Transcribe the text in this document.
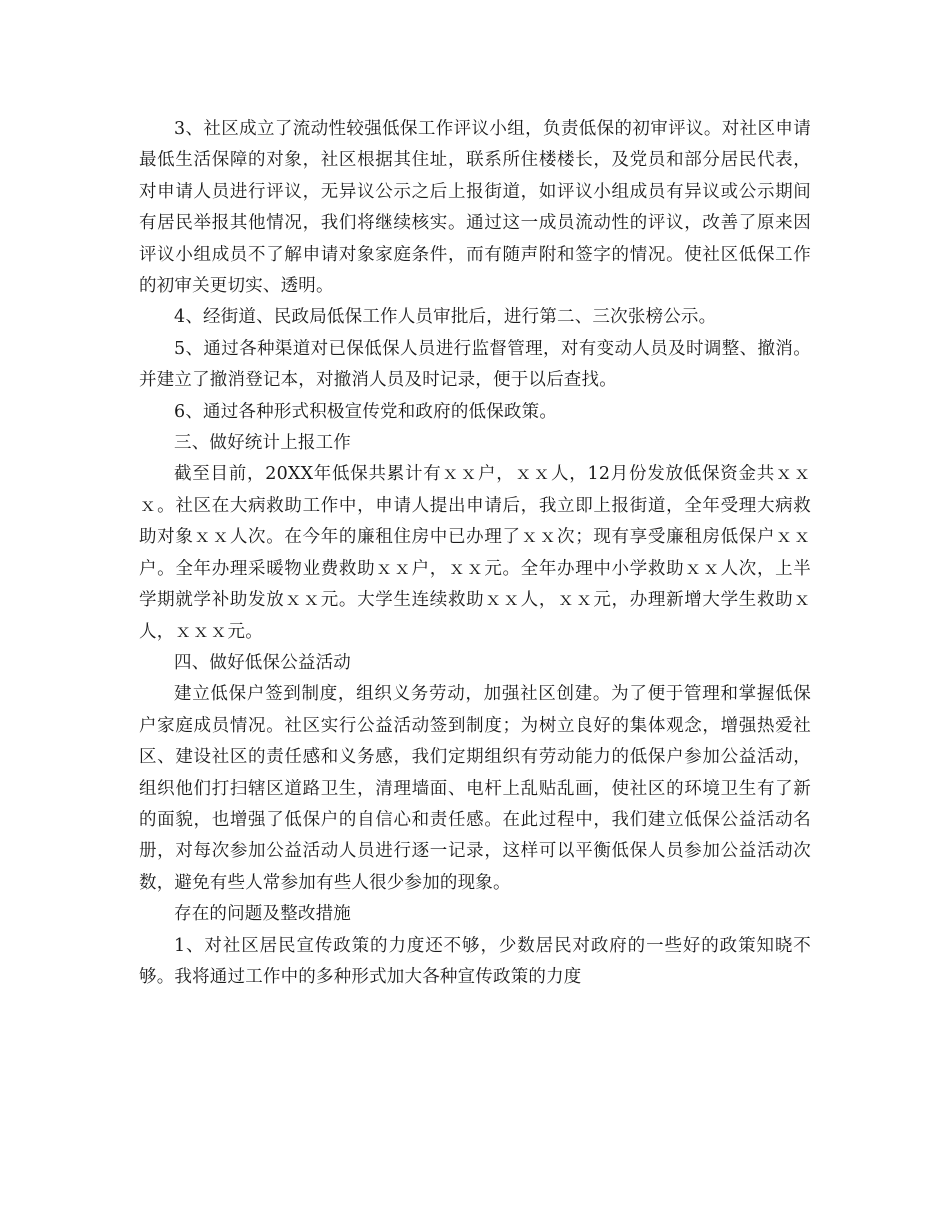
3、社区成立了流动性较强低保工作评议小组，负责低保的初审评议。对社区申请最低生活保障的对象，社区根据其住址，联系所住楼楼长，及党员和部分居民代表，对申请人员进行评议，无异议公示之后上报街道，如评议小组成员有异议或公示期间有居民举报其他情况，我们将继续核实。通过这一成员流动性的评议，改善了原来因评议小组成员不了解申请对象家庭条件，而有随声附和签字的情况。使社区低保工作的初审关更切实、透明。

4、经街道、民政局低保工作人员审批后，进行第二、三次张榜公示。

5、通过各种渠道对已保低保人员进行监督管理，对有变动人员及时调整、撤消。并建立了撤消登记本，对撤消人员及时记录，便于以后查找。

6、通过各种形式积极宣传党和政府的低保政策。

三、做好统计上报工作

截至目前，20XX年低保共累计有ｘｘ户，ｘｘ人，12月份发放低保资金共ｘｘｘ。社区在大病救助工作中，申请人提出申请后，我立即上报街道，全年受理大病救助对象ｘｘ人次。在今年的廉租住房中已办理了ｘｘ次；现有享受廉租房低保户ｘｘ户。全年办理采暖物业费救助ｘｘ户，ｘｘ元。全年办理中小学救助ｘｘ人次，上半学期就学补助发放ｘｘ元。大学生连续救助ｘｘ人，ｘｘ元，办理新增大学生救助ｘ人，ｘｘｘ元。

四、做好低保公益活动

建立低保户签到制度，组织义务劳动，加强社区创建。为了便于管理和掌握低保户家庭成员情况。社区实行公益活动签到制度；为树立良好的集体观念，增强热爱社区、建设社区的责任感和义务感，我们定期组织有劳动能力的低保户参加公益活动，组织他们打扫辖区道路卫生，清理墙面、电杆上乱贴乱画，使社区的环境卫生有了新的面貌，也增强了低保户的自信心和责任感。在此过程中，我们建立低保公益活动名册，对每次参加公益活动人员进行逐一记录，这样可以平衡低保人员参加公益活动次数，避免有些人常参加有些人很少参加的现象。

存在的问题及整改措施

1、对社区居民宣传政策的力度还不够，少数居民对政府的一些好的政策知晓不够。我将通过工作中的多种形式加大各种宣传政策的力度
